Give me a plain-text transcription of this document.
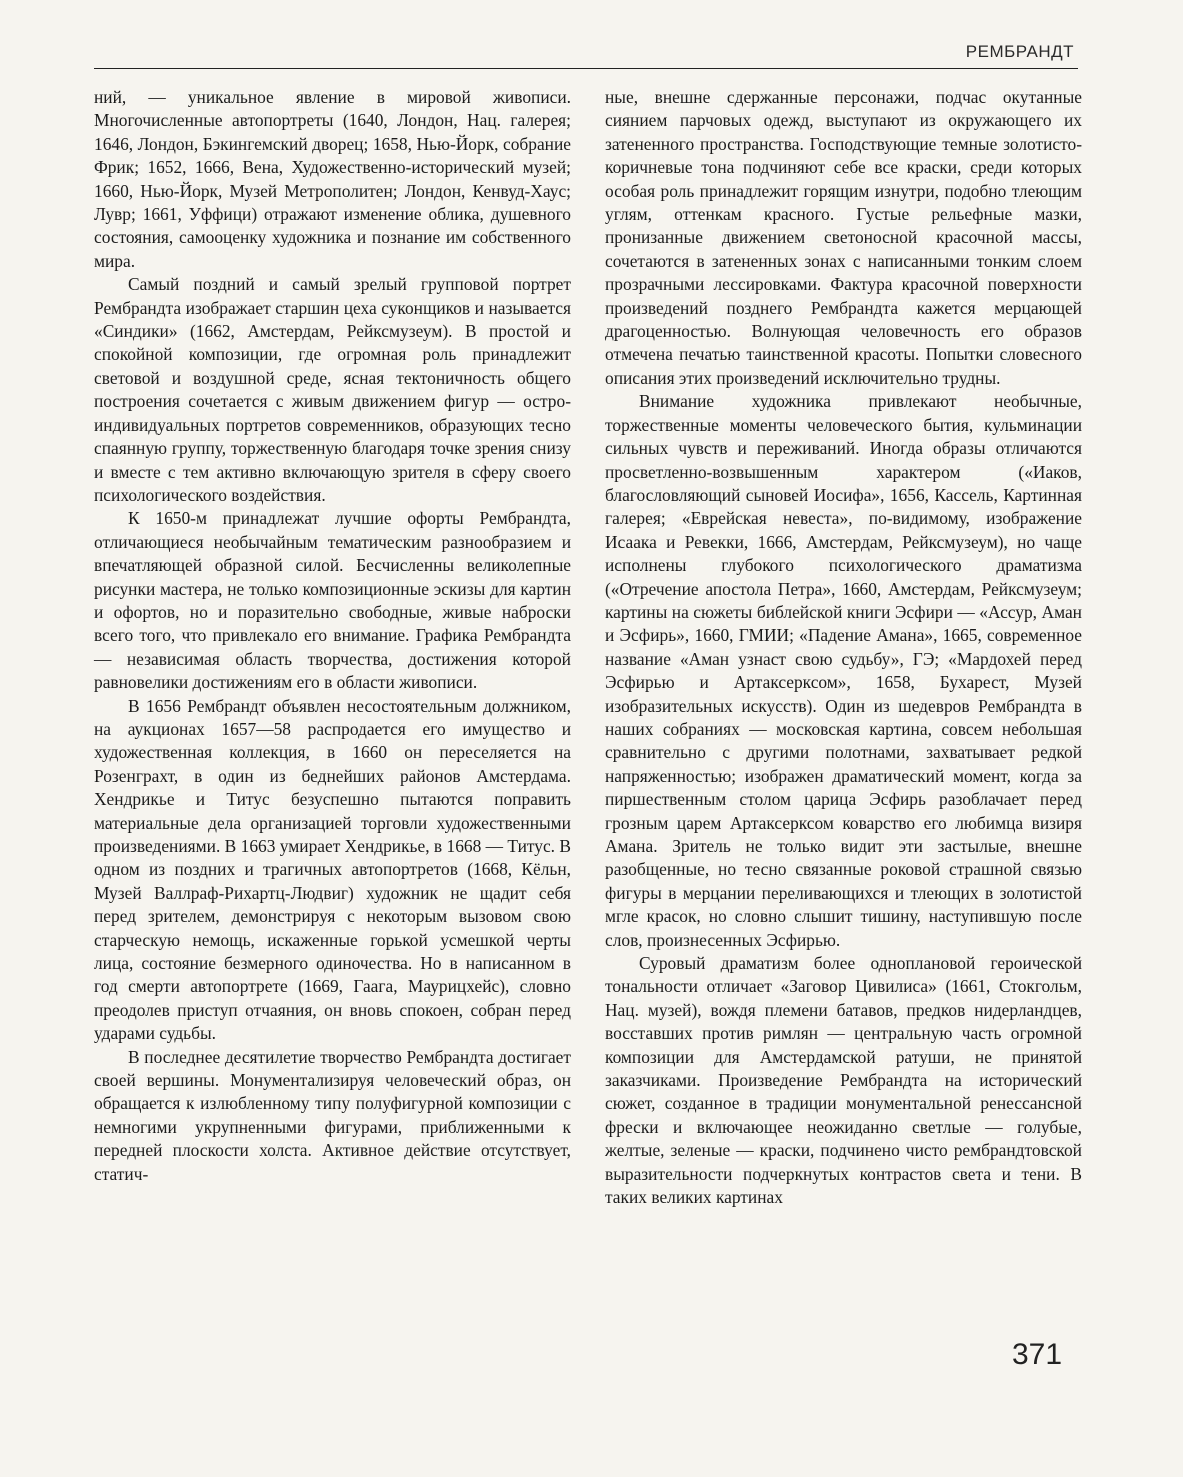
РЕМБРАНДТ

ний, — уникальное явление в мировой живописи. Многочисленные автопортреты (1640, Лондон, Нац. галерея; 1646, Лондон, Бэкингемский дворец; 1658, Нью-Йорк, собрание Фрик; 1652, 1666, Вена, Художественно-исторический музей; 1660, Нью-Йорк, Музей Метрополитен; Лондон, Кенвуд-Хаус; Лувр; 1661, Уффици) отражают изменение облика, душевного состояния, самооценку художника и познание им собственного мира.

Самый поздний и самый зрелый групповой портрет Рембрандта изображает старшин цеха суконщиков и называется «Синдики» (1662, Амстердам, Рейксмузеум). В простой и спокойной композиции, где огромная роль принадлежит световой и воздушной среде, ясная тектоничность общего построения сочетается с живым движением фигур — остро-индивидуальных портретов современников, образующих тесно спаянную группу, торжественную благодаря точке зрения снизу и вместе с тем активно включающую зрителя в сферу своего психологического воздействия.

К 1650-м принадлежат лучшие офорты Рембрандта, отличающиеся необычайным тематическим разнообразием и впечатляющей образной силой. Бесчисленны великолепные рисунки мастера, не только композиционные эскизы для картин и офортов, но и поразительно свободные, живые наброски всего того, что привлекало его внимание. Графика Рембрандта — независимая область творчества, достижения которой равновелики достижениям его в области живописи.

В 1656 Рембрандт объявлен несостоятельным должником, на аукционах 1657—58 распродается его имущество и художественная коллекция, в 1660 он переселяется на Розенграхт, в один из беднейших районов Амстердама. Хендрикье и Титус безуспешно пытаются поправить материальные дела организацией торговли художественными произведениями. В 1663 умирает Хендрикье, в 1668 — Титус. В одном из поздних и трагичных автопортретов (1668, Кёльн, Музей Валлраф-Рихартц-Людвиг) художник не щадит себя перед зрителем, демонстрируя с некоторым вызовом свою старческую немощь, искаженные горькой усмешкой черты лица, состояние безмерного одиночества. Но в написанном в год смерти автопортрете (1669, Гаага, Маурицхейс), словно преодолев приступ отчаяния, он вновь спокоен, собран перед ударами судьбы.

В последнее десятилетие творчество Рембрандта достигает своей вершины. Монументализируя человеческий образ, он обращается к излюбленному типу полуфигурной композиции с немногими укрупненными фигурами, приближенными к передней плоскости холста. Активное действие отсутствует, статич-

ные, внешне сдержанные персонажи, подчас окутанные сиянием парчовых одежд, выступают из окружающего их затененного пространства. Господствующие темные золотисто-коричневые тона подчиняют себе все краски, среди которых особая роль принадлежит горящим изнутри, подобно тлеющим углям, оттенкам красного. Густые рельефные мазки, пронизанные движением светоносной красочной массы, сочетаются в затененных зонах с написанными тонким слоем прозрачными лессировками. Фактура красочной поверхности произведений позднего Рембрандта кажется мерцающей драгоценностью. Волнующая человечность его образов отмечена печатью таинственной красоты. Попытки словесного описания этих произведений исключительно трудны.

Внимание художника привлекают необычные, торжественные моменты человеческого бытия, кульминации сильных чувств и переживаний. Иногда образы отличаются просветленно-возвышенным характером («Иаков, благословляющий сыновей Иосифа», 1656, Кассель, Картинная галерея; «Еврейская невеста», по-видимому, изображение Исаака и Ревекки, 1666, Амстердам, Рейксмузеум), но чаще исполнены глубокого психологического драматизма («Отречение апостола Петра», 1660, Амстердам, Рейксмузеум; картины на сюжеты библейской книги Эсфири — «Ассур, Аман и Эсфирь», 1660, ГМИИ; «Падение Амана», 1665, современное название «Аман узнаст свою судьбу», ГЭ; «Мардохей перед Эсфирью и Артаксерксом», 1658, Бухарест, Музей изобразительных искусств). Один из шедевров Рембрандта в наших собраниях — московская картина, совсем небольшая сравнительно с другими полотнами, захватывает редкой напряженностью; изображен драматический момент, когда за пиршественным столом царица Эсфирь разоблачает перед грозным царем Артаксерксом коварство его любимца визиря Амана. Зритель не только видит эти застылые, внешне разобщенные, но тесно связанные роковой страшной связью фигуры в мерцании переливающихся и тлеющих в золотистой мгле красок, но словно слышит тишину, наступившую после слов, произнесенных Эсфирью.

Суровый драматизм более одноплановой героической тональности отличает «Заговор Цивилиса» (1661, Стокгольм, Нац. музей), вождя племени батавов, предков нидерландцев, восставших против римлян — центральную часть огромной композиции для Амстердамской ратуши, не принятой заказчиками. Произведение Рембрандта на исторический сюжет, созданное в традиции монументальной ренессансной фрески и включающее неожиданно светлые — голубые, желтые, зеленые — краски, подчинено чисто рембрандтовской выразительности подчеркнутых контрастов света и тени. В таких великих картинах

371
